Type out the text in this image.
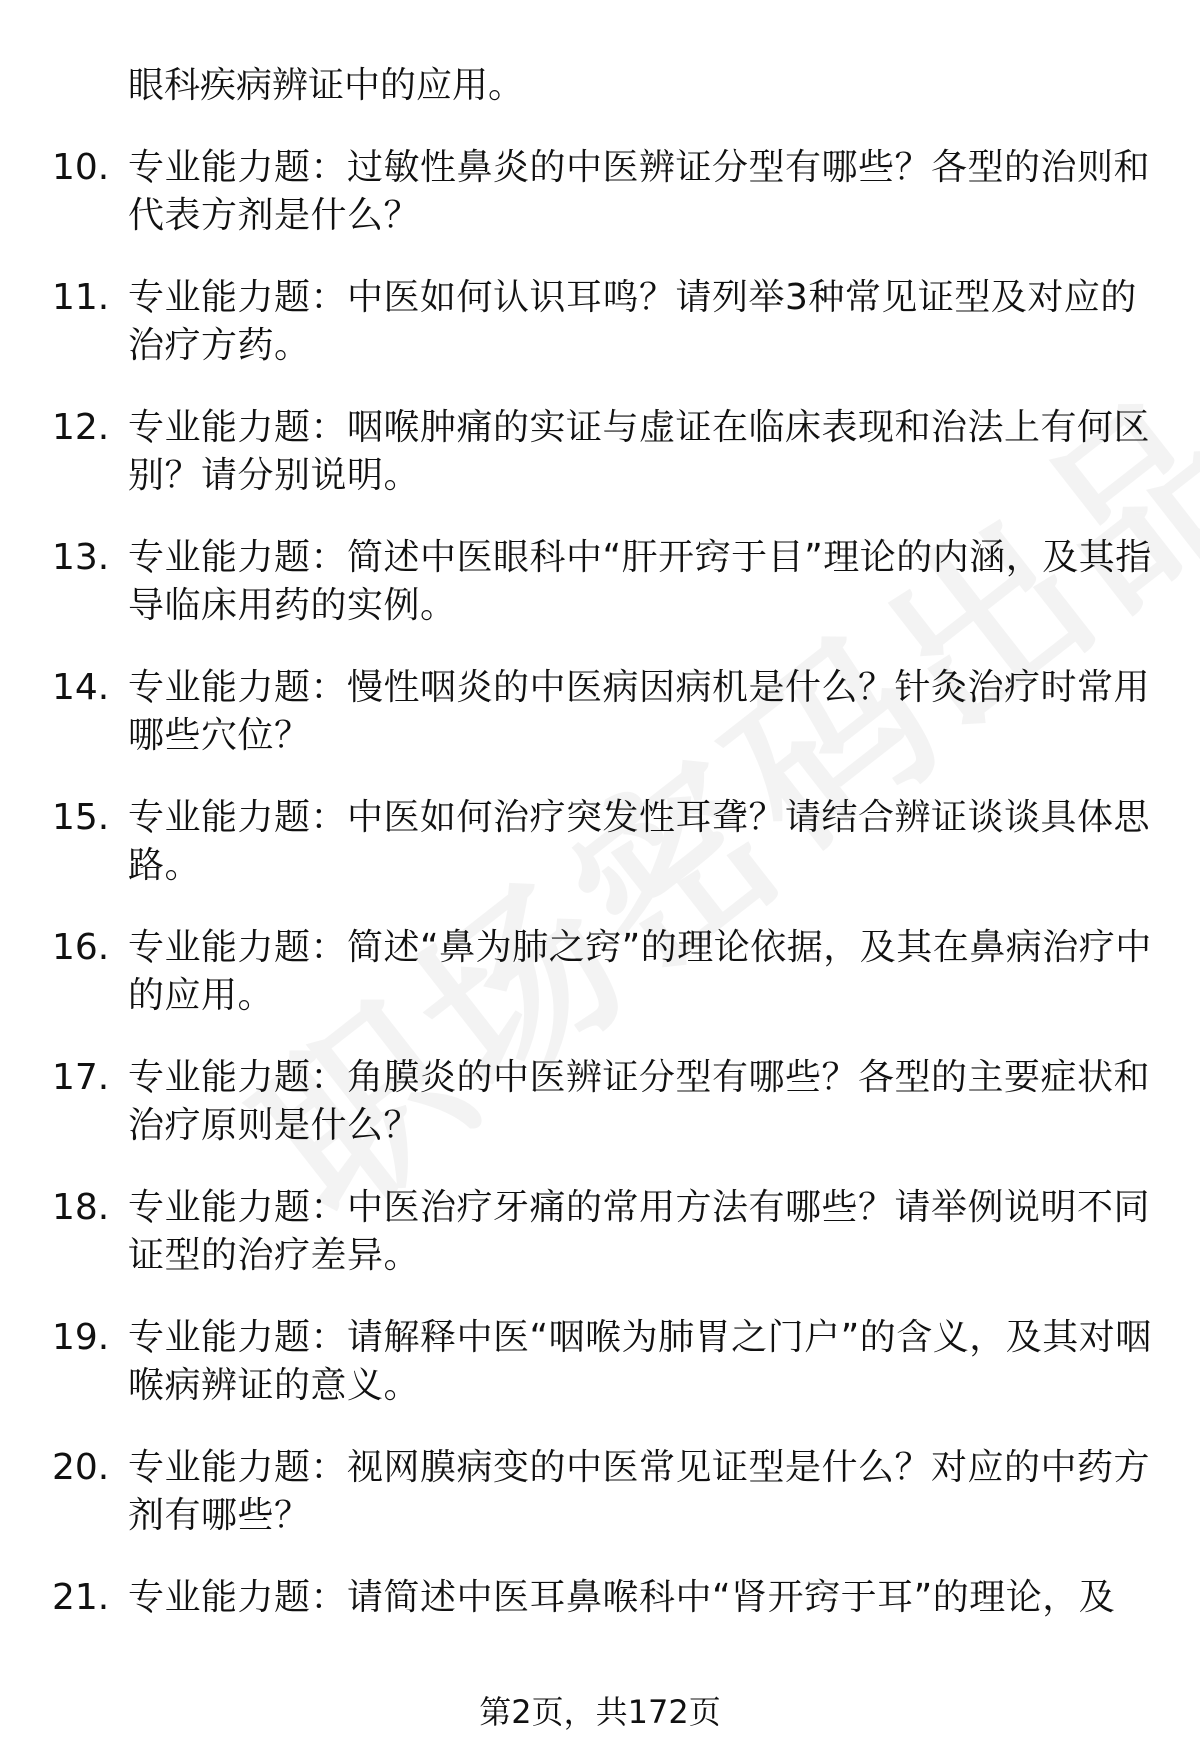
眼科疾病辨证中的应用。

10. 专业能力题：过敏性鼻炎的中医辨证分型有哪些？各型的治则和代表方剂是什么？
11. 专业能力题：中医如何认识耳鸣？请列举3种常见证型及对应的治疗方药。
12. 专业能力题：咽喉肿痛的实证与虚证在临床表现和治法上有何区别？请分别说明。
13. 专业能力题：简述中医眼科中“肝开窍于目”理论的内涵，及其指导临床用药的实例。
14. 专业能力题：慢性咽炎的中医病因病机是什么？针灸治疗时常用哪些穴位？
15. 专业能力题：中医如何治疗突发性耳聋？请结合辨证谈谈具体思路。
16. 专业能力题：简述“鼻为肺之窍”的理论依据，及其在鼻病治疗中的应用。
17. 专业能力题：角膜炎的中医辨证分型有哪些？各型的主要症状和治疗原则是什么？
18. 专业能力题：中医治疗牙痛的常用方法有哪些？请举例说明不同证型的治疗差异。
19. 专业能力题：请解释中医“咽喉为肺胃之门户”的含义，及其对咽喉病辨证的意义。
20. 专业能力题：视网膜病变的中医常见证型是什么？对应的中药方剂有哪些？
21. 专业能力题：请简述中医耳鼻喉科中“肾开窍于耳”的理论，及
第2页，共172页
